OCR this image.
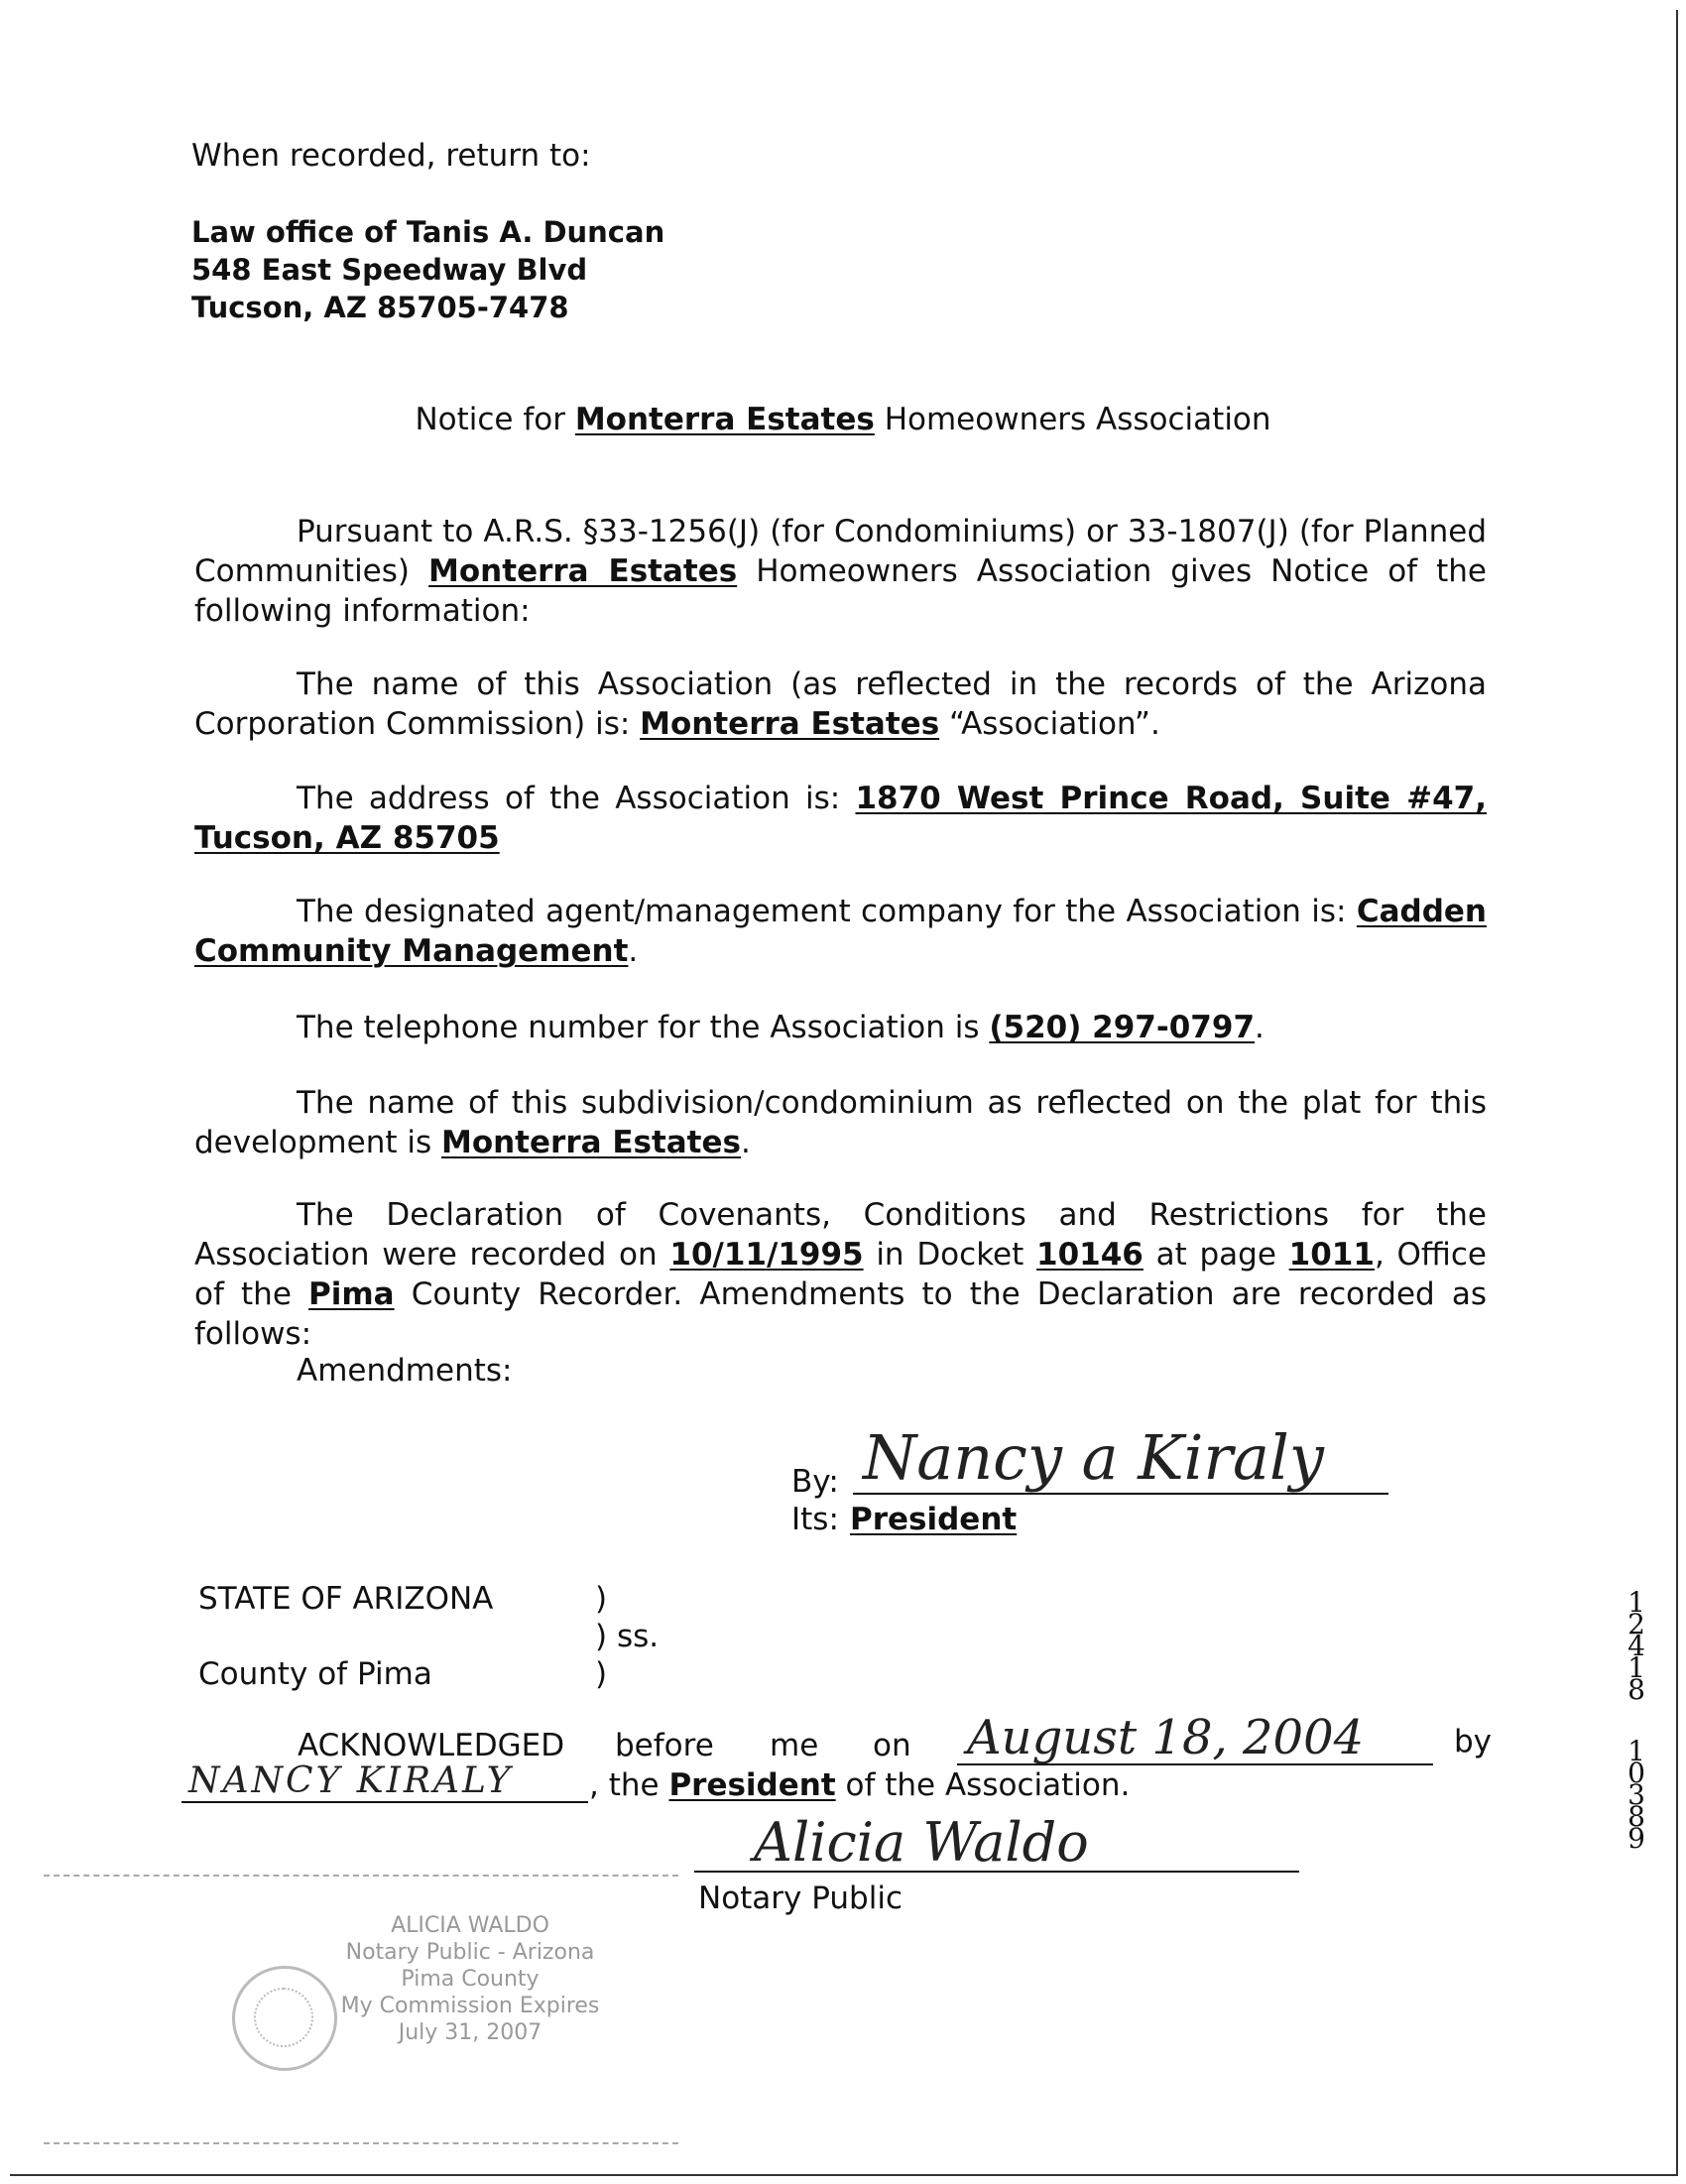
When recorded, return to:
Law office of Tanis A. Duncan
548 East Speedway Blvd
Tucson, AZ 85705-7478
Notice for Monterra Estates Homeowners Association
Pursuant to A.R.S. §33-1256(J) (for Condominiums) or 33-1807(J) (for Planned Communities) Monterra Estates Homeowners Association gives Notice of the following information:
The name of this Association (as reflected in the records of the Arizona Corporation Commission) is: Monterra Estates “Association”.
The address of the Association is: 1870 West Prince Road, Suite #47, Tucson, AZ 85705
The designated agent/management company for the Association is: Cadden Community Management.
The telephone number for the Association is (520) 297-0797.
The name of this subdivision/condominium as reflected on the plat for this development is Monterra Estates.
The Declaration of Covenants, Conditions and Restrictions for the Association were recorded on 10/11/1995 in Docket 10146 at page 1011, Office of the Pima County Recorder. Amendments to the Declaration are recorded as follows:
Amendments:
By: Nancy a Kiraly
Its: President
STATE OF ARIZONA	)
) ss.
County of Pima	)
ACKNOWLEDGED before me on August 18, 2004	by
NANCY KIRALY , the President of the Association.
Alicia Waldo
Notary Public
ALICIA WALDO
Notary Public - Arizona
Pima County
My Commission Expires
July 31, 2007
12418
1 0 3 8 9
